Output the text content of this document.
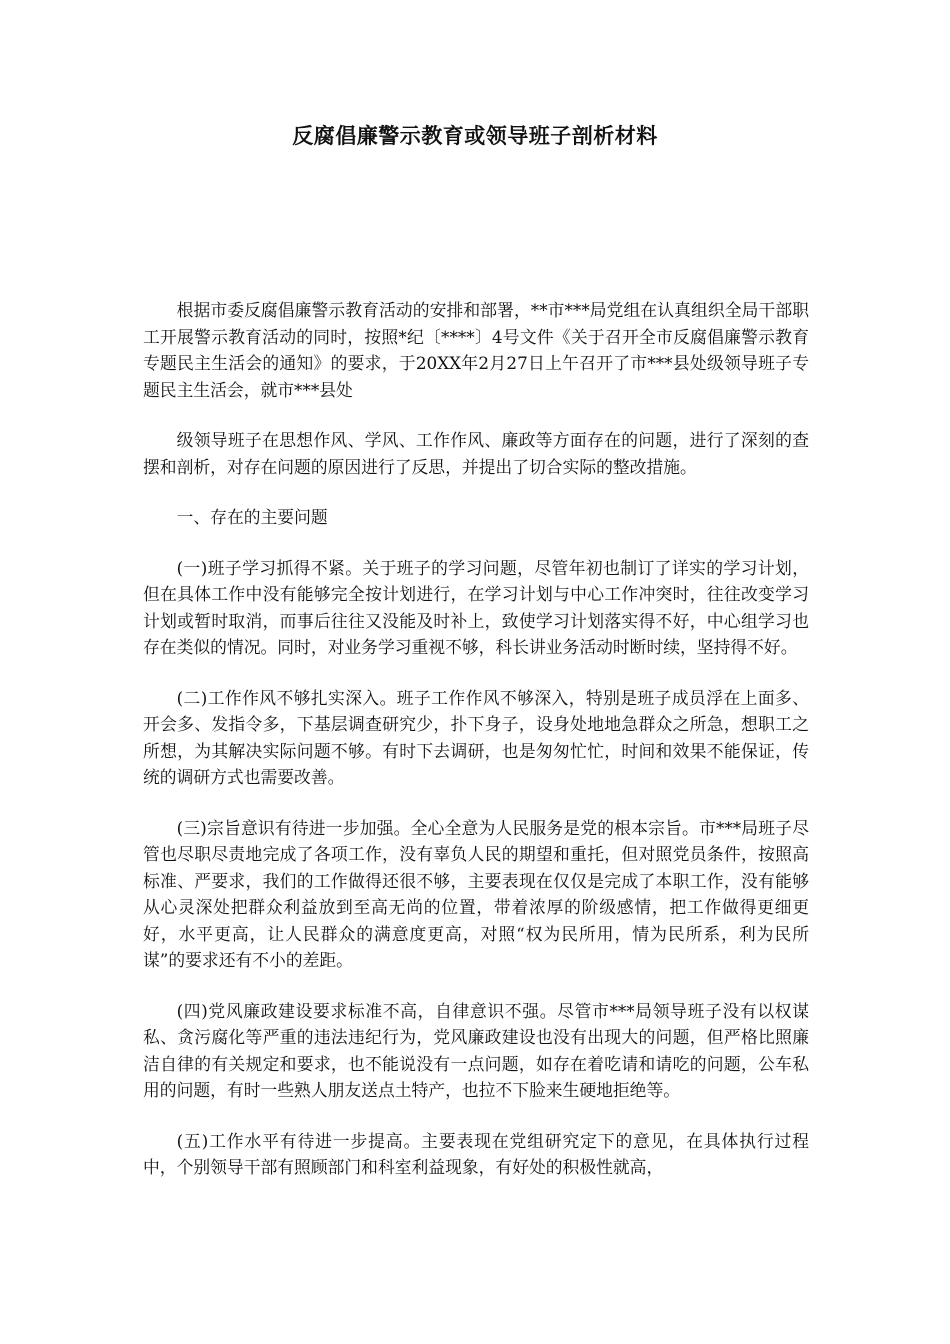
反腐倡廉警示教育或领导班子剖析材料

根据市委反腐倡廉警示教育活动的安排和部署，**市***局党组在认真组织全局干部职工开展警示教育活动的同时，按照*纪〔****〕4号文件《关于召开全市反腐倡廉警示教育专题民主生活会的通知》的要求，于20XX年2月27日上午召开了市***县处级领导班子专题民主生活会，就市***县处

级领导班子在思想作风、学风、工作作风、廉政等方面存在的问题，进行了深刻的查摆和剖析，对存在问题的原因进行了反思，并提出了切合实际的整改措施。

一、存在的主要问题

(一)班子学习抓得不紧。关于班子的学习问题，尽管年初也制订了详实的学习计划，但在具体工作中没有能够完全按计划进行，在学习计划与中心工作冲突时，往往改变学习计划或暂时取消，而事后往往又没能及时补上，致使学习计划落实得不好，中心组学习也存在类似的情况。同时，对业务学习重视不够，科长讲业务活动时断时续，坚持得不好。

(二)工作作风不够扎实深入。班子工作作风不够深入，特别是班子成员浮在上面多、开会多、发指令多，下基层调查研究少，扑下身子，设身处地地急群众之所急，想职工之所想，为其解决实际问题不够。有时下去调研，也是匆匆忙忙，时间和效果不能保证，传统的调研方式也需要改善。

(三)宗旨意识有待进一步加强。全心全意为人民服务是党的根本宗旨。市***局班子尽管也尽职尽责地完成了各项工作，没有辜负人民的期望和重托，但对照党员条件，按照高标准、严要求，我们的工作做得还很不够，主要表现在仅仅是完成了本职工作，没有能够从心灵深处把群众利益放到至高无尚的位置，带着浓厚的阶级感情，把工作做得更细更好，水平更高，让人民群众的满意度更高，对照“权为民所用，情为民所系，利为民所谋”的要求还有不小的差距。

(四)党风廉政建设要求标准不高，自律意识不强。尽管市***局领导班子没有以权谋私、贪污腐化等严重的违法违纪行为，党风廉政建设也没有出现大的问题，但严格比照廉洁自律的有关规定和要求，也不能说没有一点问题，如存在着吃请和请吃的问题，公车私用的问题，有时一些熟人朋友送点土特产，也拉不下脸来生硬地拒绝等。

(五)工作水平有待进一步提高。主要表现在党组研究定下的意见，在具体执行过程中，个别领导干部有照顾部门和科室利益现象，有好处的积极性就高，
